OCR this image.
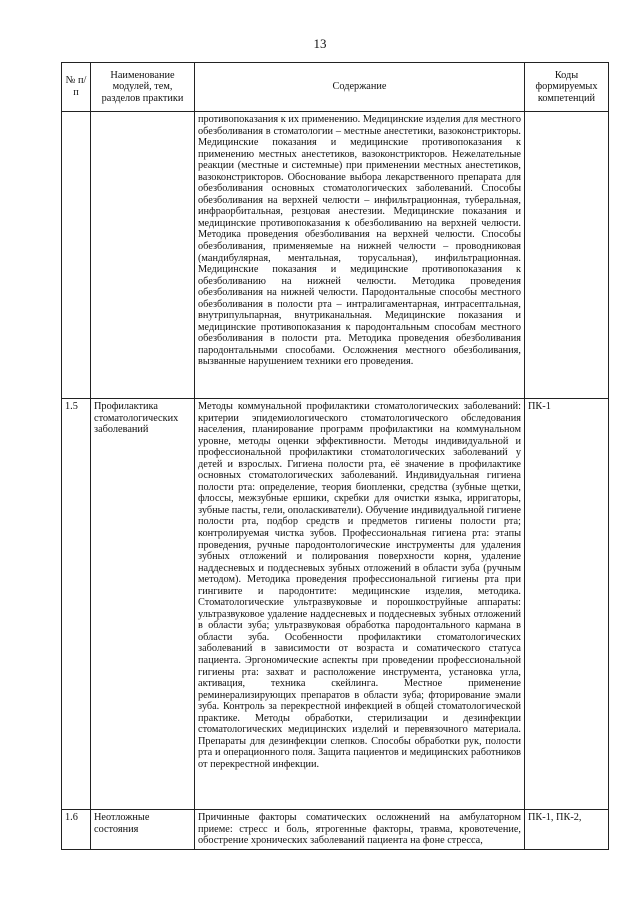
13
№ п/п	Наименование модулей, тем, разделов практики	Содержание	Коды формируемых компетенций
		противопоказания к их применению. Медицинские изделия для местного обезболивания в стоматологии – местные анестетики, вазоконстрикторы. Медицинские показания и медицинские противопоказания к применению местных анестетиков, вазоконстрикторов. Нежелательные реакции (местные и системные) при применении местных анестетиков, вазоконстрикторов. Обоснование выбора лекарственного препарата для обезболивания основных стоматологических заболеваний. Способы обезболивания на верхней челюсти – инфильтрационная, туберальная, инфраорбитальная, резцовая анестезии. Медицинские показания и медицинские противопоказания к обезболиванию на верхней челюсти. Методика проведения обезболивания на верхней челюсти. Способы обезболивания, применяемые на нижней челюсти – проводниковая (мандибулярная, ментальная, торусальная), инфильтрационная. Медицинские показания и медицинские противопоказания к обезболиванию на нижней челюсти. Методика проведения обезболивания на нижней челюсти. Пародонтальные способы местного обезболивания в полости рта – интралигаментарная, интрасептальная, внутрипульпарная, внутриканальная. Медицинские показания и медицинские противопоказания к пародонтальным способам местного обезболивания в полости рта. Методика проведения обезболивания пародонтальными способами. Осложнения местного обезболивания, вызванные нарушением техники его проведения.	
1.5	Профилактика стоматологических заболеваний	Методы коммунальной профилактики стоматологических заболеваний: критерии эпидемиологического стоматологического обследования населения, планирование программ профилактики на коммунальном уровне, методы оценки эффективности. Методы индивидуальной и профессиональной профилактики стоматологических заболеваний у детей и взрослых. Гигиена полости рта, её значение в профилактике основных стоматологических заболеваний. Индивидуальная гигиена полости рта: определение, теория биопленки, средства (зубные щетки, флоссы, межзубные ершики, скребки для очистки языка, ирригаторы, зубные пасты, гели, ополаскиватели). Обучение индивидуальной гигиене полости рта, подбор средств и предметов гигиены полости рта; контролируемая чистка зубов. Профессиональная гигиена рта: этапы проведения, ручные пародонтологические инструменты для удаления зубных отложений и полирования поверхности корня, удаление наддесневых и поддесневых зубных отложений в области зуба (ручным методом). Методика проведения профессиональной гигиены рта при гингивите и пародонтите: медицинские изделия, методика. Стоматологические ультразвуковые и порошкоструйные аппараты: ультразвуковое удаление наддесневых и поддесневых зубных отложений в области зуба; ультразвуковая обработка пародонтального кармана в области зуба. Особенности профилактики стоматологических заболеваний в зависимости от возраста и соматического статуса пациента. Эргономические аспекты при проведении профессиональной гигиены рта: захват и расположение инструмента, установка угла, активация, техника скейлинга. Местное применение реминерализирующих препаратов в области зуба; фторирование эмали зуба. Контроль за перекрестной инфекцией в общей стоматологической практике. Методы обработки, стерилизации и дезинфекции стоматологических медицинских изделий и перевязочного материала. Препараты для дезинфекции слепков. Способы обработки рук, полости рта и операционного поля. Защита пациентов и медицинских работников от перекрестной инфекции.	ПК-1
1.6	Неотложные состояния	Причинные факторы соматических осложнений на амбулаторном приеме: стресс и боль, ятрогенные факторы, травма, кровотечение, обострение хронических заболеваний пациента на фоне стресса,	ПК-1, ПК-2,
